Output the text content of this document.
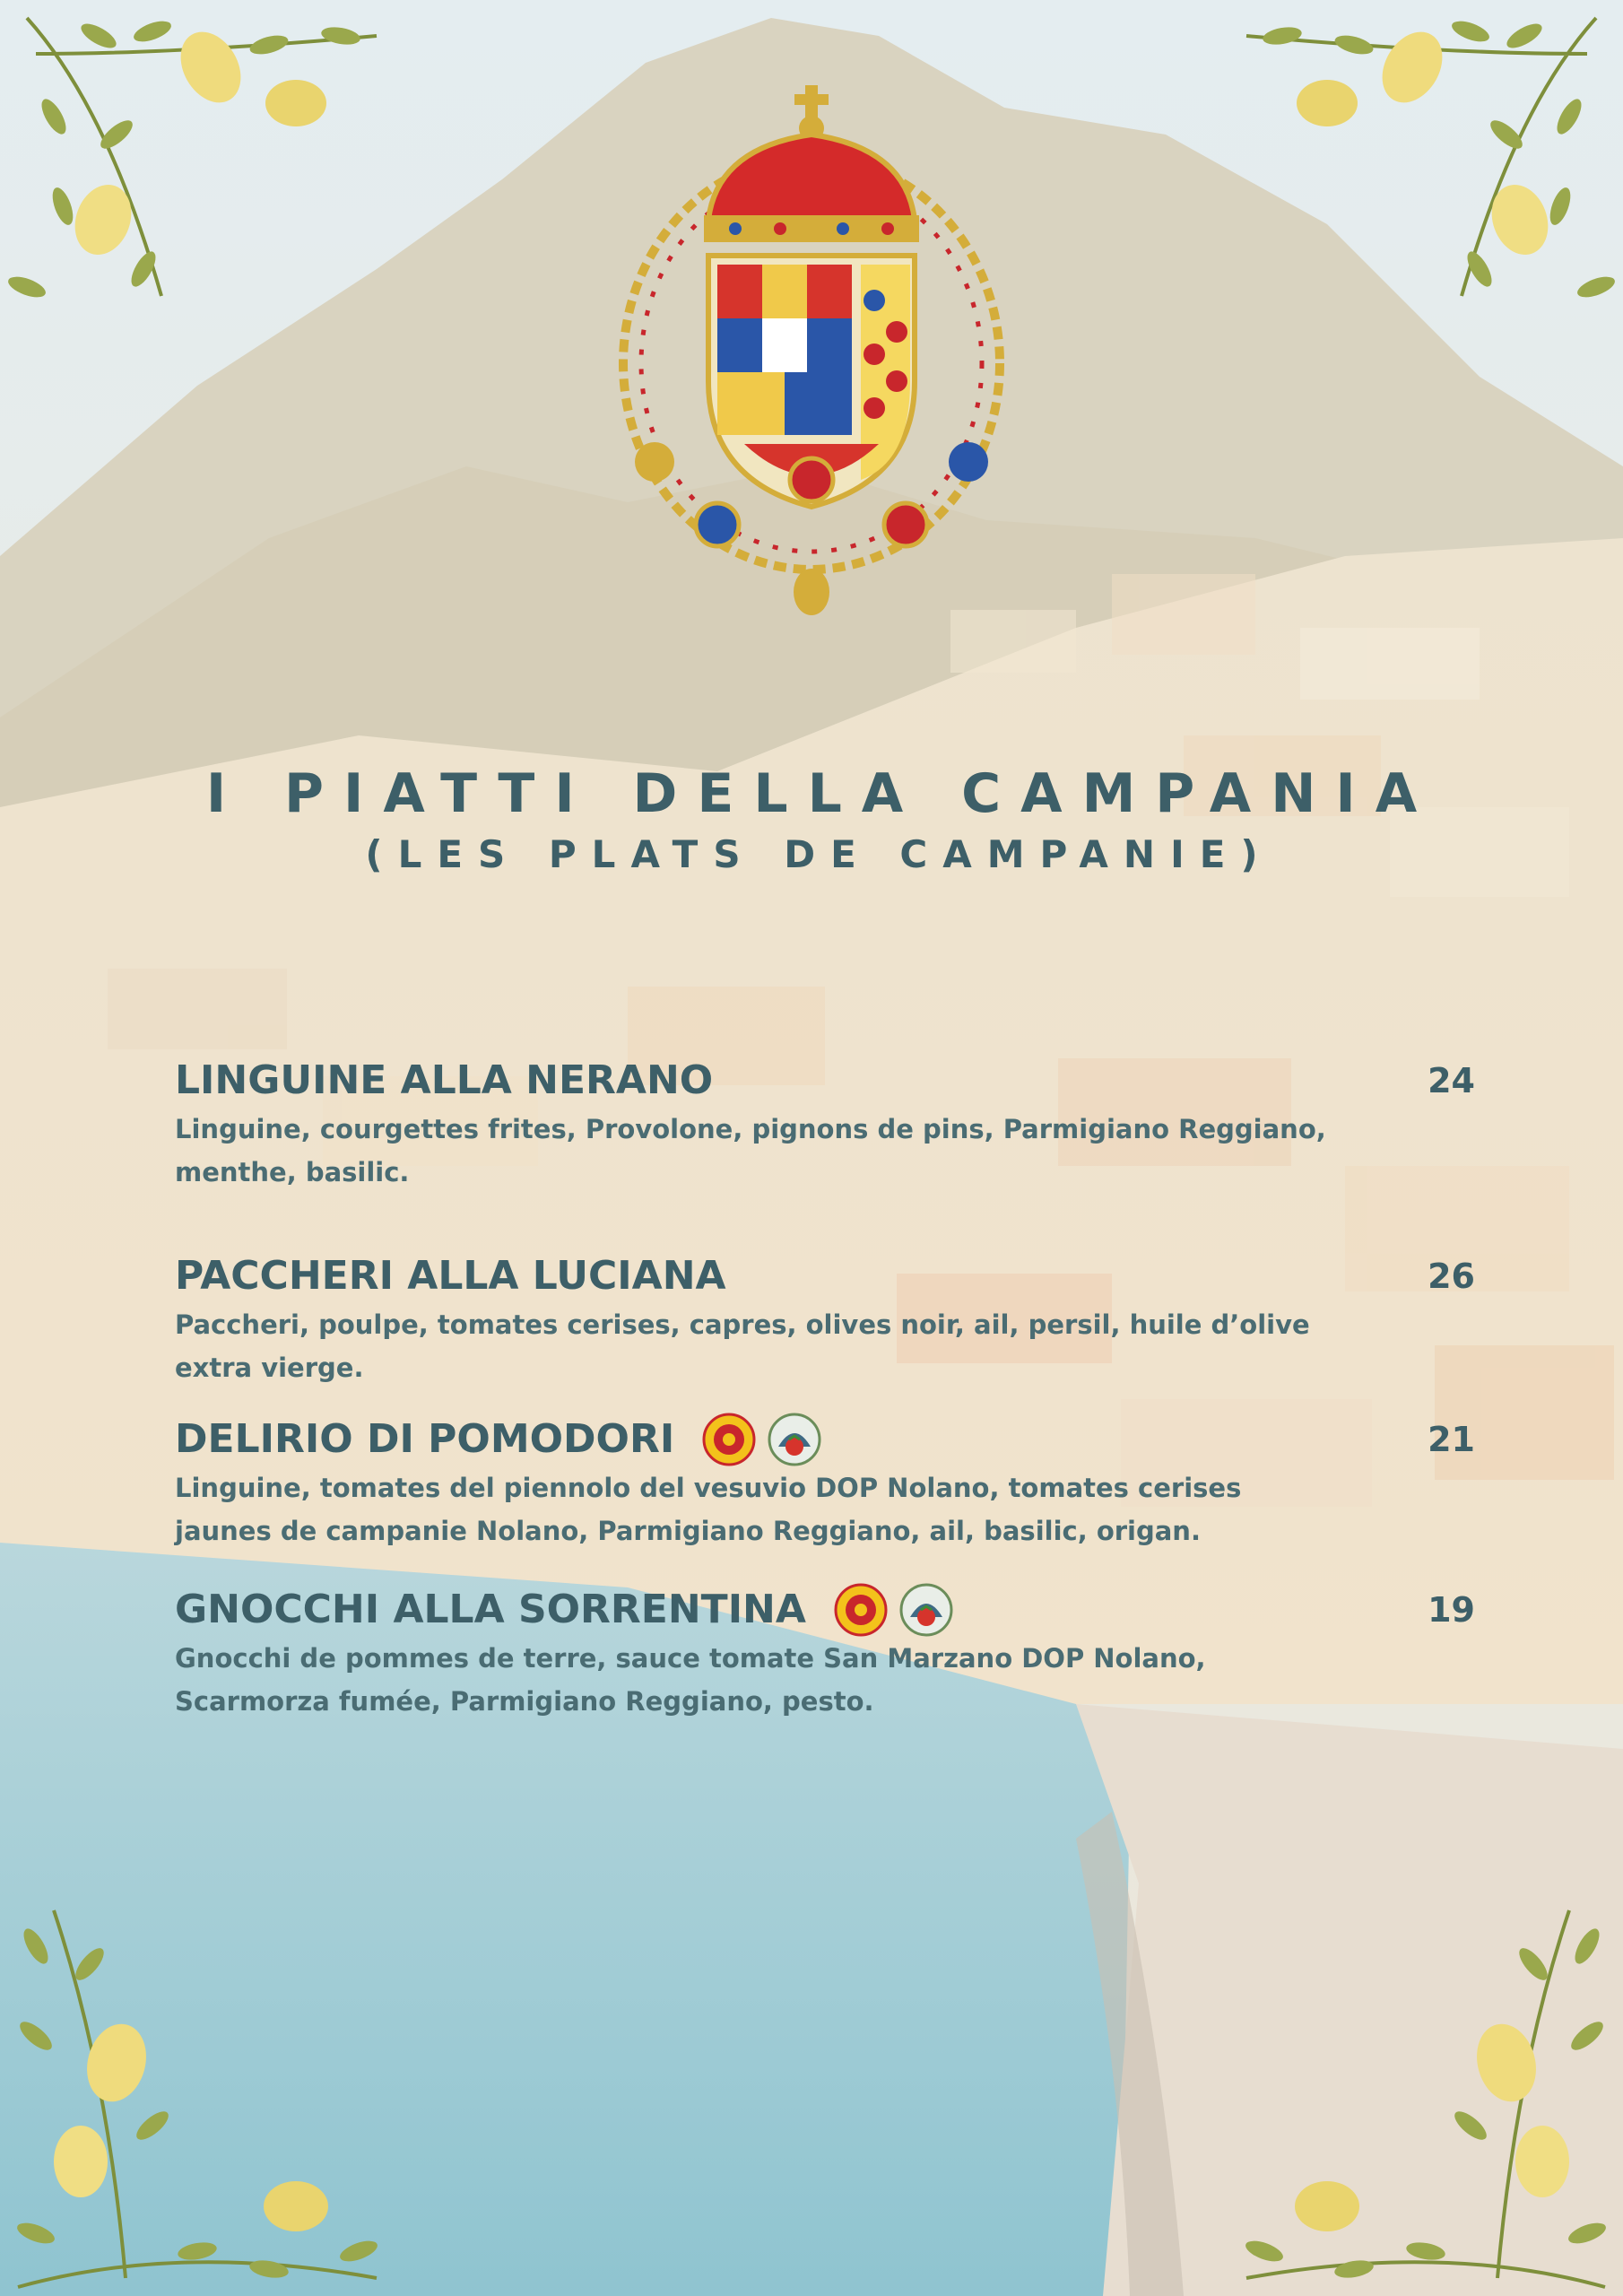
I PIATTI DELLA CAMPANIA

(LES PLATS DE CAMPANIE)

LINGUINE ALLA NERANO	24
Linguine, courgettes frites, Provolone, pignons de pins, Parmigiano Reggiano, menthe, basilic.
PACCHERI ALLA LUCIANA	26
Paccheri, poulpe, tomates cerises, capres, olives noir, ail, persil, huile d’olive extra vierge.
DELIRIO DI POMODORI	21
Linguine, tomates del piennolo del vesuvio DOP Nolano, tomates cerises jaunes de campanie Nolano, Parmigiano Reggiano, ail, basilic, origan.
GNOCCHI ALLA SORRENTINA	19
Gnocchi de pommes de terre, sauce tomate San Marzano DOP Nolano, Scarmorza fumée, Parmigiano Reggiano, pesto.
